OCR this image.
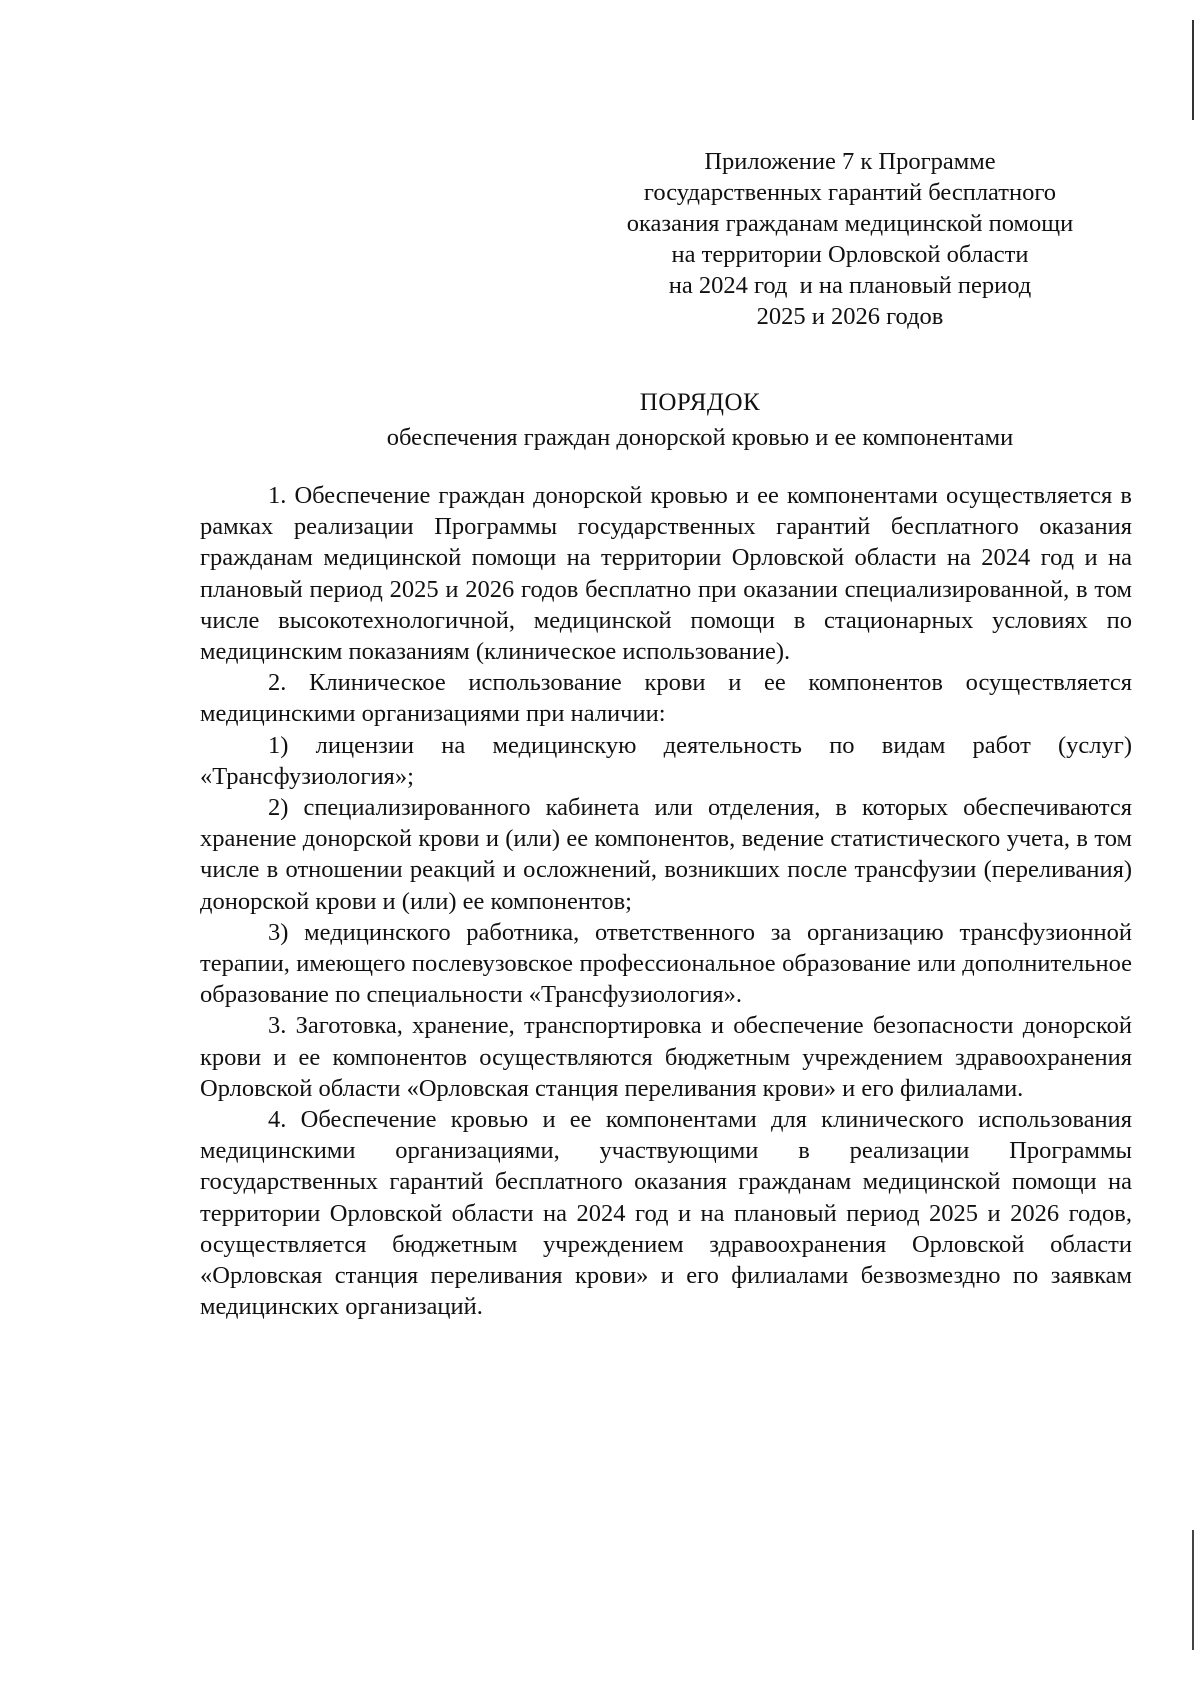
Приложение 7 к Программе
государственных гарантий бесплатного
оказания гражданам медицинской помощи
на территории Орловской области
на 2024 год  и на плановый период
2025 и 2026 годов
ПОРЯДОК
обеспечения граждан донорской кровью и ее компонентами

1. Обеспечение граждан донорской кровью и ее компонентами осуществляется в рамках реализации Программы государственных гарантий бесплатного оказания гражданам медицинской помощи на территории Орловской области на 2024 год и на плановый период 2025 и 2026 годов бесплатно при оказании специализированной, в том числе высокотехнологичной, медицинской помощи в стационарных условиях по медицинским показаниям (клиническое использование).

2. Клиническое использование крови и ее компонентов осуществляется медицинскими организациями при наличии:

1) лицензии на медицинскую деятельность по видам работ (услуг) «Трансфузиология»;

2) специализированного кабинета или отделения, в которых обеспечиваются хранение донорской крови и (или) ее компонентов, ведение статистического учета, в том числе в отношении реакций и осложнений, возникших после трансфузии (переливания) донорской крови и (или) ее компонентов;

3) медицинского работника, ответственного за организацию трансфузионной терапии, имеющего послевузовское профессиональное образование или дополнительное образование по специальности «Трансфузиология».

3. Заготовка, хранение, транспортировка и обеспечение безопасности донорской крови и ее компонентов осуществляются бюджетным учреждением здравоохранения Орловской области «Орловская станция переливания крови» и его филиалами.

4. Обеспечение кровью и ее компонентами для клинического использования медицинскими организациями, участвующими в реализации Программы государственных гарантий бесплатного оказания гражданам медицинской помощи на территории Орловской области на 2024 год и на плановый период 2025 и 2026 годов, осуществляется бюджетным учреждением здравоохранения Орловской области «Орловская станция переливания крови» и его филиалами безвозмездно по заявкам медицинских организаций.
